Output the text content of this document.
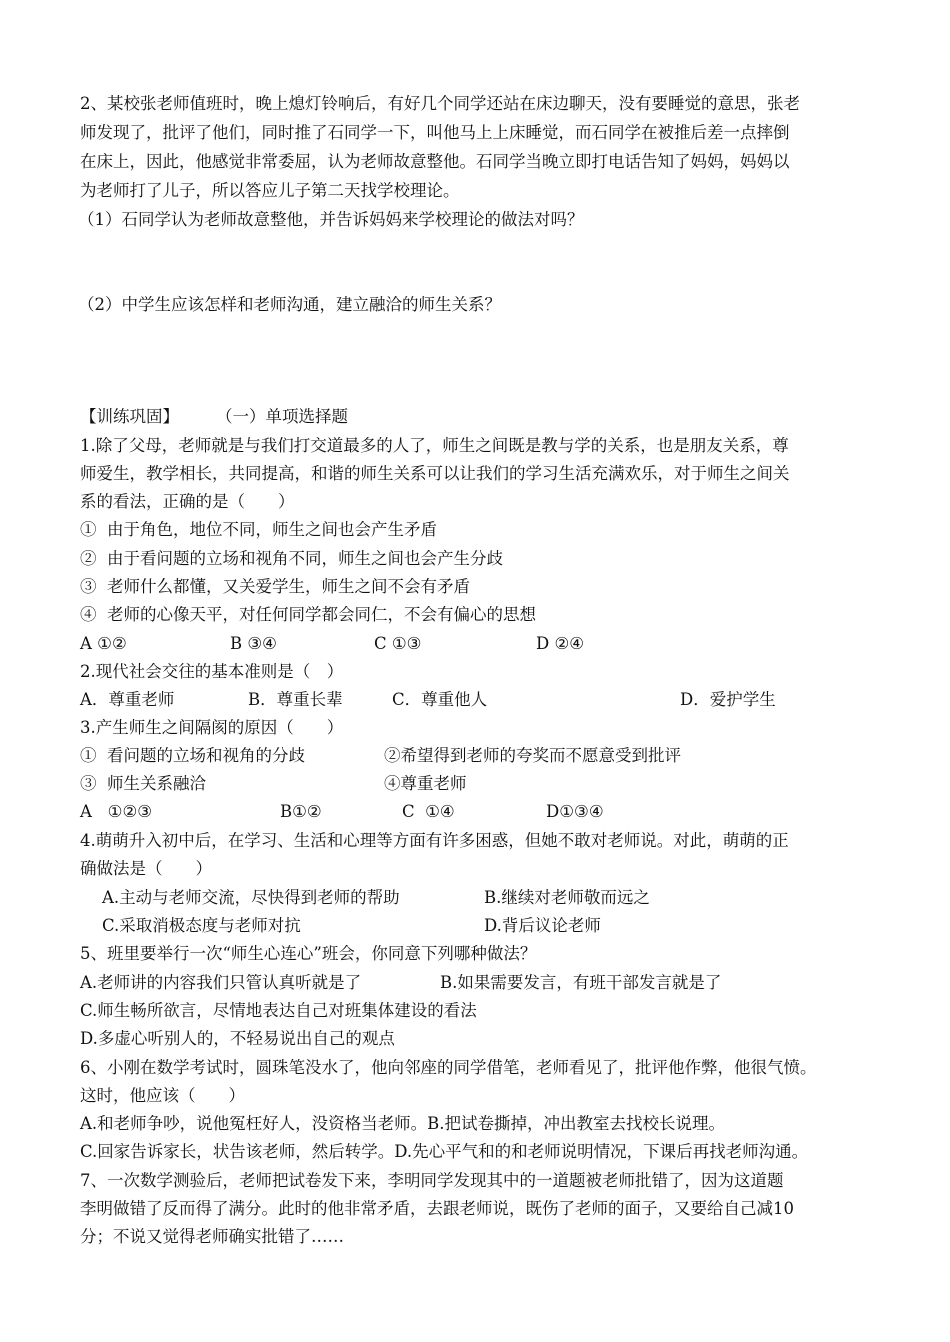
2、某校张老师值班时，晚上熄灯铃响后，有好几个同学还站在床边聊天，没有要睡觉的意思，张老
师发现了，批评了他们，同时推了石同学一下，叫他马上上床睡觉，而石同学在被推后差一点摔倒
在床上，因此，他感觉非常委屈，认为老师故意整他。石同学当晚立即打电话告知了妈妈，妈妈以
为老师打了儿子，所以答应儿子第二天找学校理论。
（1）石同学认为老师故意整他，并告诉妈妈来学校理论的做法对吗？
（2）中学生应该怎样和老师沟通，建立融洽的师生关系？
【训练巩固】 （一）单项选择题
1.除了父母，老师就是与我们打交道最多的人了，师生之间既是教与学的关系，也是朋友关系，尊
师爱生，教学相长，共同提高，和谐的师生关系可以让我们的学习生活充满欢乐，对于师生之间关
系的看法，正确的是（　　）
①  由于角色，地位不同，师生之间也会产生矛盾
②  由于看问题的立场和视角不同，师生之间也会产生分歧
③  老师什么都懂，又关爱学生，师生之间不会有矛盾
④  老师的心像天平，对任何同学都会同仁，不会有偏心的思想
A ①②	B ③④	C ①③	D ②④
2.现代社会交往的基本准则是（　）
A．尊重老师	B．尊重长辈	C．尊重他人	D．爱护学生
3.产生师生之间隔阂的原因（　　）
①  看问题的立场和视角的分歧	②希望得到老师的夸奖而不愿意受到批评
③  师生关系融洽	④尊重老师
A   ①②③	B①②	C  ①④	D①③④
4.萌萌升入初中后，在学习、生活和心理等方面有许多困惑，但她不敢对老师说。对此，萌萌的正
确做法是（　　）
A.主动与老师交流，尽快得到老师的帮助	B.继续对老师敬而远之
C.采取消极态度与老师对抗	D.背后议论老师
5、班里要举行一次“师生心连心”班会，你同意下列哪种做法？
A.老师讲的内容我们只管认真听就是了	B.如果需要发言，有班干部发言就是了
C.师生畅所欲言，尽情地表达自己对班集体建设的看法
D.多虚心听别人的，不轻易说出自己的观点
6、小刚在数学考试时，圆珠笔没水了，他向邻座的同学借笔，老师看见了，批评他作弊，他很气愤。
这时，他应该（　　）
A.和老师争吵，说他冤枉好人，没资格当老师。B.把试卷撕掉，冲出教室去找校长说理。
C.回家告诉家长，状告该老师，然后转学。D.先心平气和的和老师说明情况，下课后再找老师沟通。
7、一次数学测验后，老师把试卷发下来，李明同学发现其中的一道题被老师批错了，因为这道题
李明做错了反而得了满分。此时的他非常矛盾，去跟老师说，既伤了老师的面子，又要给自己减10
分；不说又觉得老师确实批错了……
